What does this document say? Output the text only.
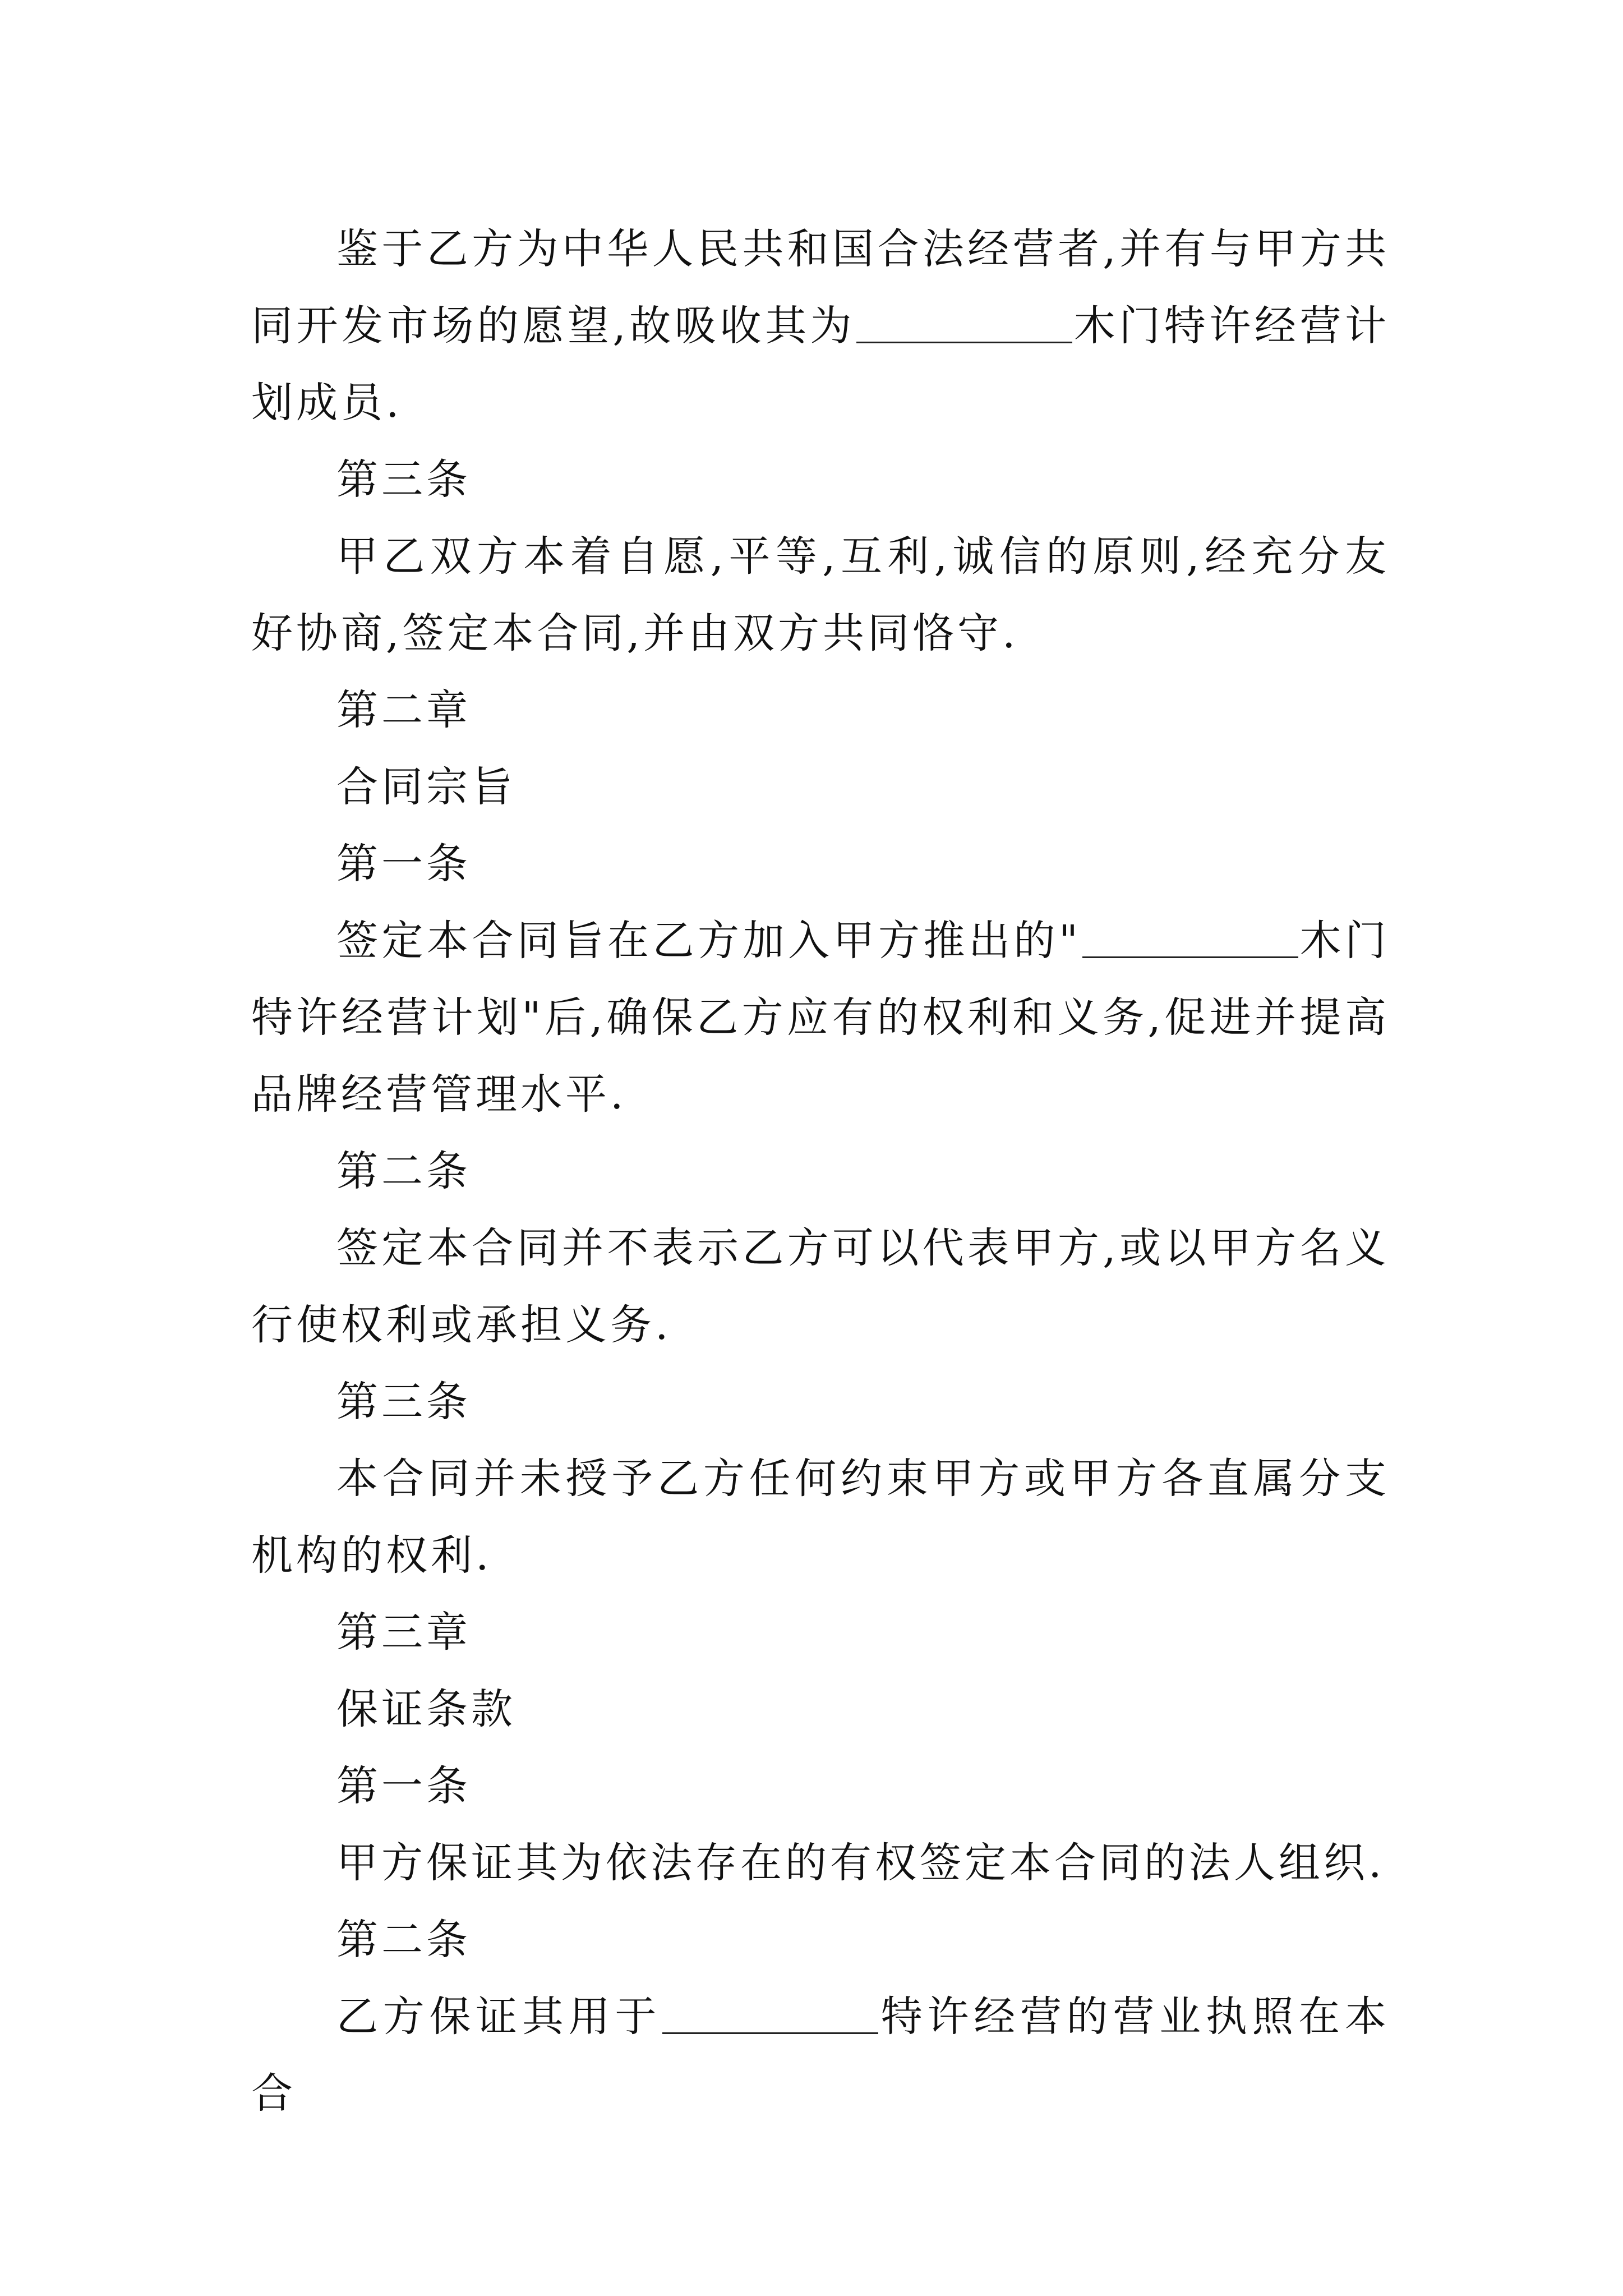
鉴于乙方为中华人民共和国合法经营者,并有与甲方共同开发市场的愿望,故吸收其为	木门特许经营计划成员.

第三条

甲乙双方本着自愿,平等,互利,诚信的原则,经充分友好协商,签定本合同,并由双方共同恪守.

第二章

合同宗旨

第一条

签定本合同旨在乙方加入甲方推出的"	木门特许经营计划"后,确保乙方应有的权利和义务,促进并提高品牌经营管理水平.

第二条

签定本合同并不表示乙方可以代表甲方,或以甲方名义行使权利或承担义务.

第三条

本合同并未授予乙方任何约束甲方或甲方各直属分支机构的权利.

第三章

保证条款

第一条

甲方保证其为依法存在的有权签定本合同的法人组织.

第二条

乙方保证其用于	特许经营的营业执照在本合
